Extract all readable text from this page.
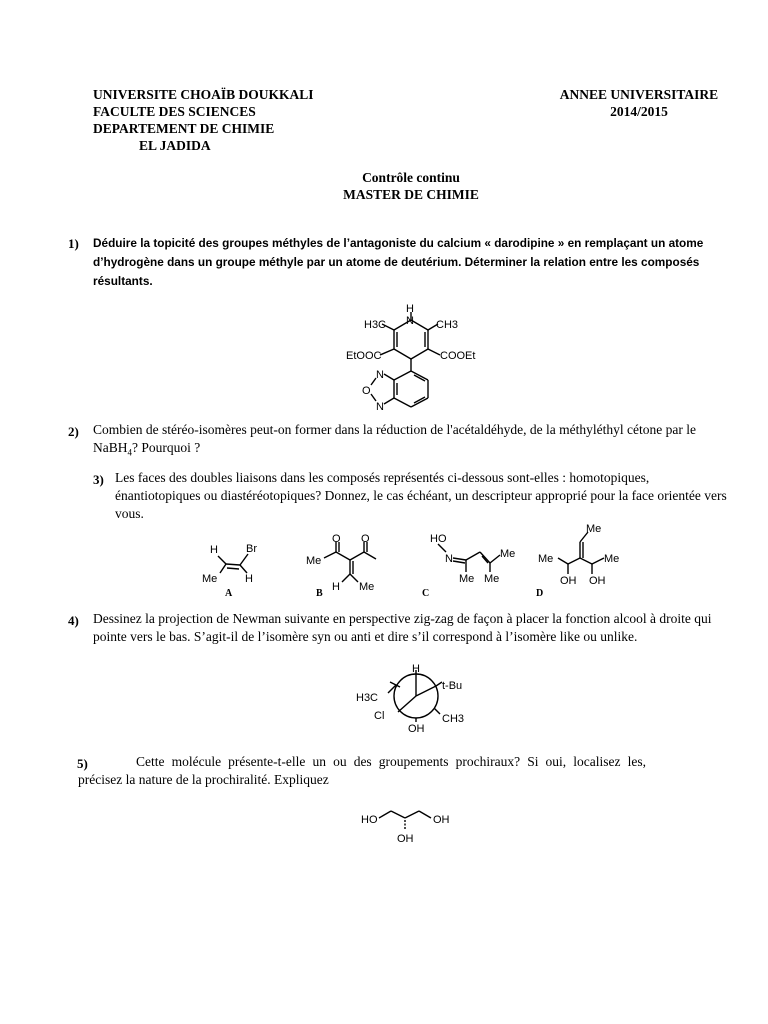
UNIVERSITE CHOAÏB DOUKKALI
FACULTE DES SCIENCES
DEPARTEMENT DE CHIMIE
EL JADIDA
ANNEE UNIVERSITAIRE
2014/2015
Contrôle continu
MASTER DE CHIMIE
1) Déduire la topicité des groupes méthyles de l’antagoniste du calcium « darodipine » en remplaçant un atome d’hydrogène dans un groupe méthyle par un atome de deutérium. Déterminer la relation entre les composés résultants.
H
N
H3C	CH3
EtOOC	COOEt
N
O
N
2) Combien de stéréo-isomères peut-on former dans la réduction de l'acétaldéhyde, de la méthyléthyl cétone par le NaBH$_4$? Pourquoi ?
3) Les faces des doubles liaisons dans les composés représentés ci-dessous sont-elles : homotopiques, énantiotopiques ou diastéréotopiques? Donnez, le cas échéant, un descripteur approprié pour la face orientée vers vous.
H	Br
Me	H
A
Me
O O
H Me
B
HO
N	Me
Me Me
C
Me
Me	Me
OH OH
D
4) Dessinez la projection de Newman suivante en perspective zig-zag de façon à placer la fonction alcool à droite qui pointe vers le bas. S’agit-il de l’isomère syn ou anti et dire s’il correspond à l’isomère like ou unlike.
H
t-Bu
H3C
Cl	CH3
OH
5)	Cette molécule présente-t-elle un ou des groupements prochiraux? Si oui, localisez les, précisez la nature de la prochiralité. Expliquez
HO	OH
OH
